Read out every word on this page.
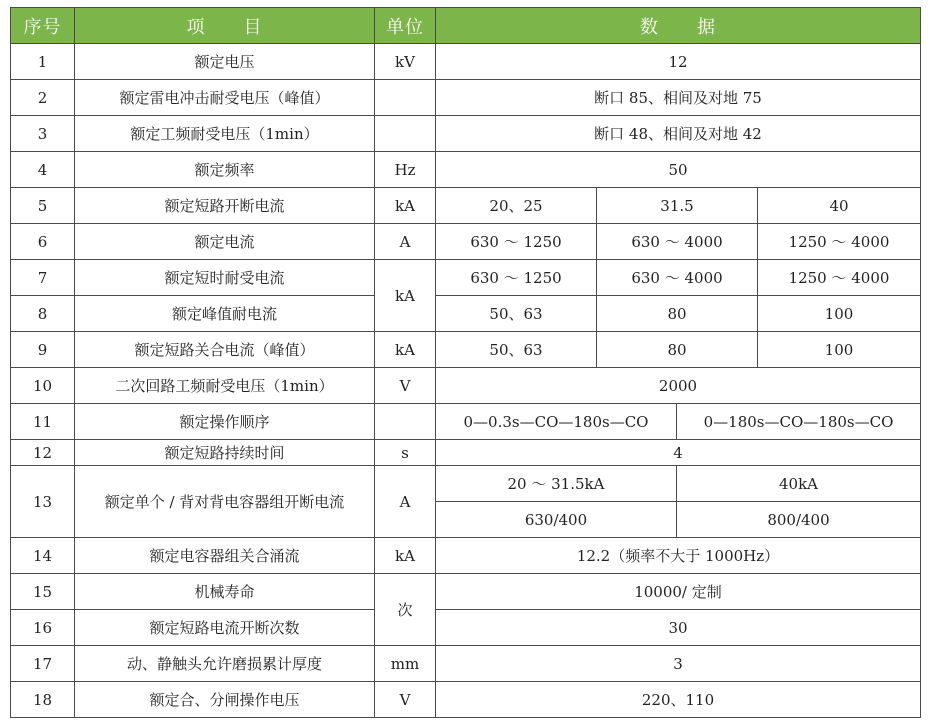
序号	项　　目	单位	数　　据			
1	额定电压	kV	12			
2	额定雷电冲击耐受电压（峰值）		断口 85、相间及对地 75			
3	额定工频耐受电压（1min）		断口 48、相间及对地 42			
4	额定频率	Hz	50			
5	额定短路开断电流	kA	20、25	31.5		40
6	额定电流	A	630 ～ 1250	630 ～ 4000		1250 ～ 4000
7	额定短时耐受电流	kA	630 ～ 1250	630 ～ 4000		1250 ～ 4000
8	额定峰值耐电流		50、63	80		100
9	额定短路关合电流（峰值）	kA	50、63	80		100
10	二次回路工频耐受电压（1min）	V	2000			
11	额定操作顺序		0—0.3s—CO—180s—CO		0—180s—CO—180s—CO	
12	额定短路持续时间	s	4			
13	额定单个 / 背对背电容器组开断电流	A	20 ～ 31.5kA		40kA	
			630/400		800/400	
14	额定电容器组关合涌流	kA	12.2（频率不大于 1000Hz）			
15	机械寿命	次	10000/ 定制			
16	额定短路电流开断次数		30			
17	动、静触头允许磨损累计厚度	mm	3			
18	额定合、分闸操作电压	V	220、110			
